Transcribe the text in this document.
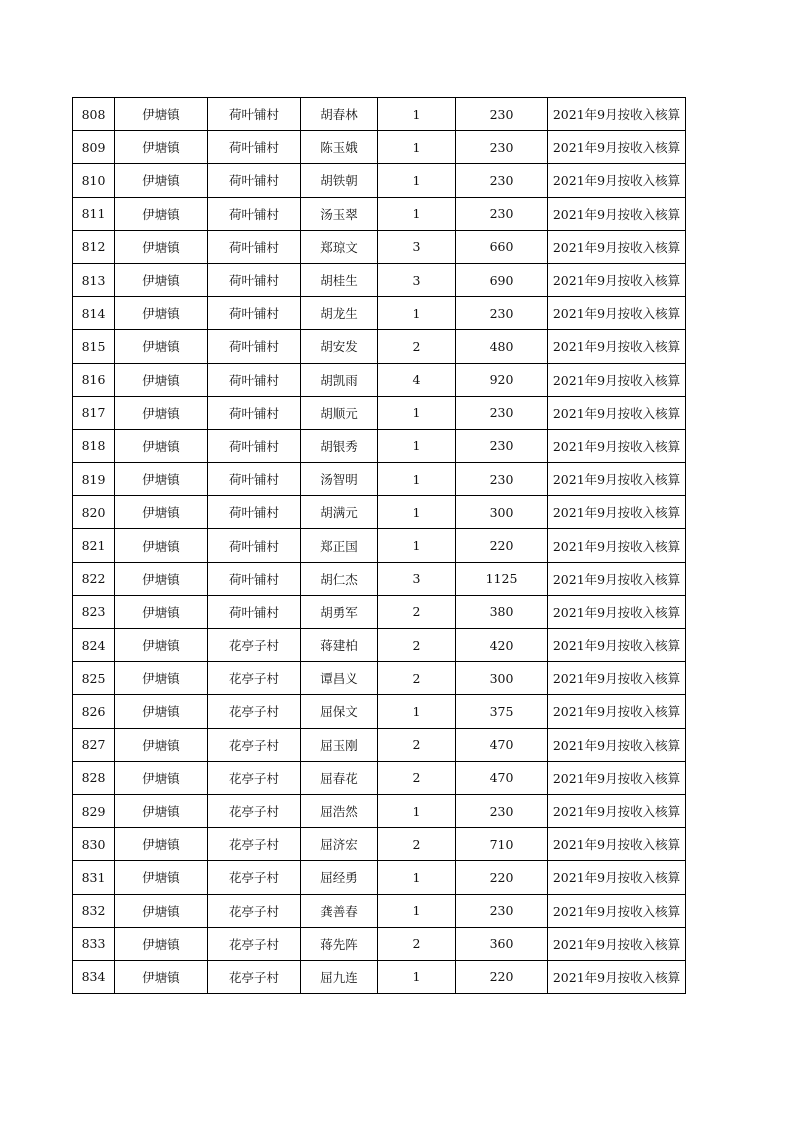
808	伊塘镇	荷叶铺村	胡春林	1	230	2021年9月按收入核算
809	伊塘镇	荷叶铺村	陈玉娥	1	230	2021年9月按收入核算
810	伊塘镇	荷叶铺村	胡铁朝	1	230	2021年9月按收入核算
811	伊塘镇	荷叶铺村	汤玉翠	1	230	2021年9月按收入核算
812	伊塘镇	荷叶铺村	郑琼文	3	660	2021年9月按收入核算
813	伊塘镇	荷叶铺村	胡桂生	3	690	2021年9月按收入核算
814	伊塘镇	荷叶铺村	胡龙生	1	230	2021年9月按收入核算
815	伊塘镇	荷叶铺村	胡安发	2	480	2021年9月按收入核算
816	伊塘镇	荷叶铺村	胡凯雨	4	920	2021年9月按收入核算
817	伊塘镇	荷叶铺村	胡顺元	1	230	2021年9月按收入核算
818	伊塘镇	荷叶铺村	胡银秀	1	230	2021年9月按收入核算
819	伊塘镇	荷叶铺村	汤智明	1	230	2021年9月按收入核算
820	伊塘镇	荷叶铺村	胡满元	1	300	2021年9月按收入核算
821	伊塘镇	荷叶铺村	郑正国	1	220	2021年9月按收入核算
822	伊塘镇	荷叶铺村	胡仁杰	3	1125	2021年9月按收入核算
823	伊塘镇	荷叶铺村	胡勇军	2	380	2021年9月按收入核算
824	伊塘镇	花亭子村	蒋建柏	2	420	2021年9月按收入核算
825	伊塘镇	花亭子村	谭昌义	2	300	2021年9月按收入核算
826	伊塘镇	花亭子村	屈保文	1	375	2021年9月按收入核算
827	伊塘镇	花亭子村	屈玉刚	2	470	2021年9月按收入核算
828	伊塘镇	花亭子村	屈春花	2	470	2021年9月按收入核算
829	伊塘镇	花亭子村	屈浩然	1	230	2021年9月按收入核算
830	伊塘镇	花亭子村	屈济宏	2	710	2021年9月按收入核算
831	伊塘镇	花亭子村	屈经勇	1	220	2021年9月按收入核算
832	伊塘镇	花亭子村	龚善春	1	230	2021年9月按收入核算
833	伊塘镇	花亭子村	蒋先阵	2	360	2021年9月按收入核算
834	伊塘镇	花亭子村	屈九连	1	220	2021年9月按收入核算
